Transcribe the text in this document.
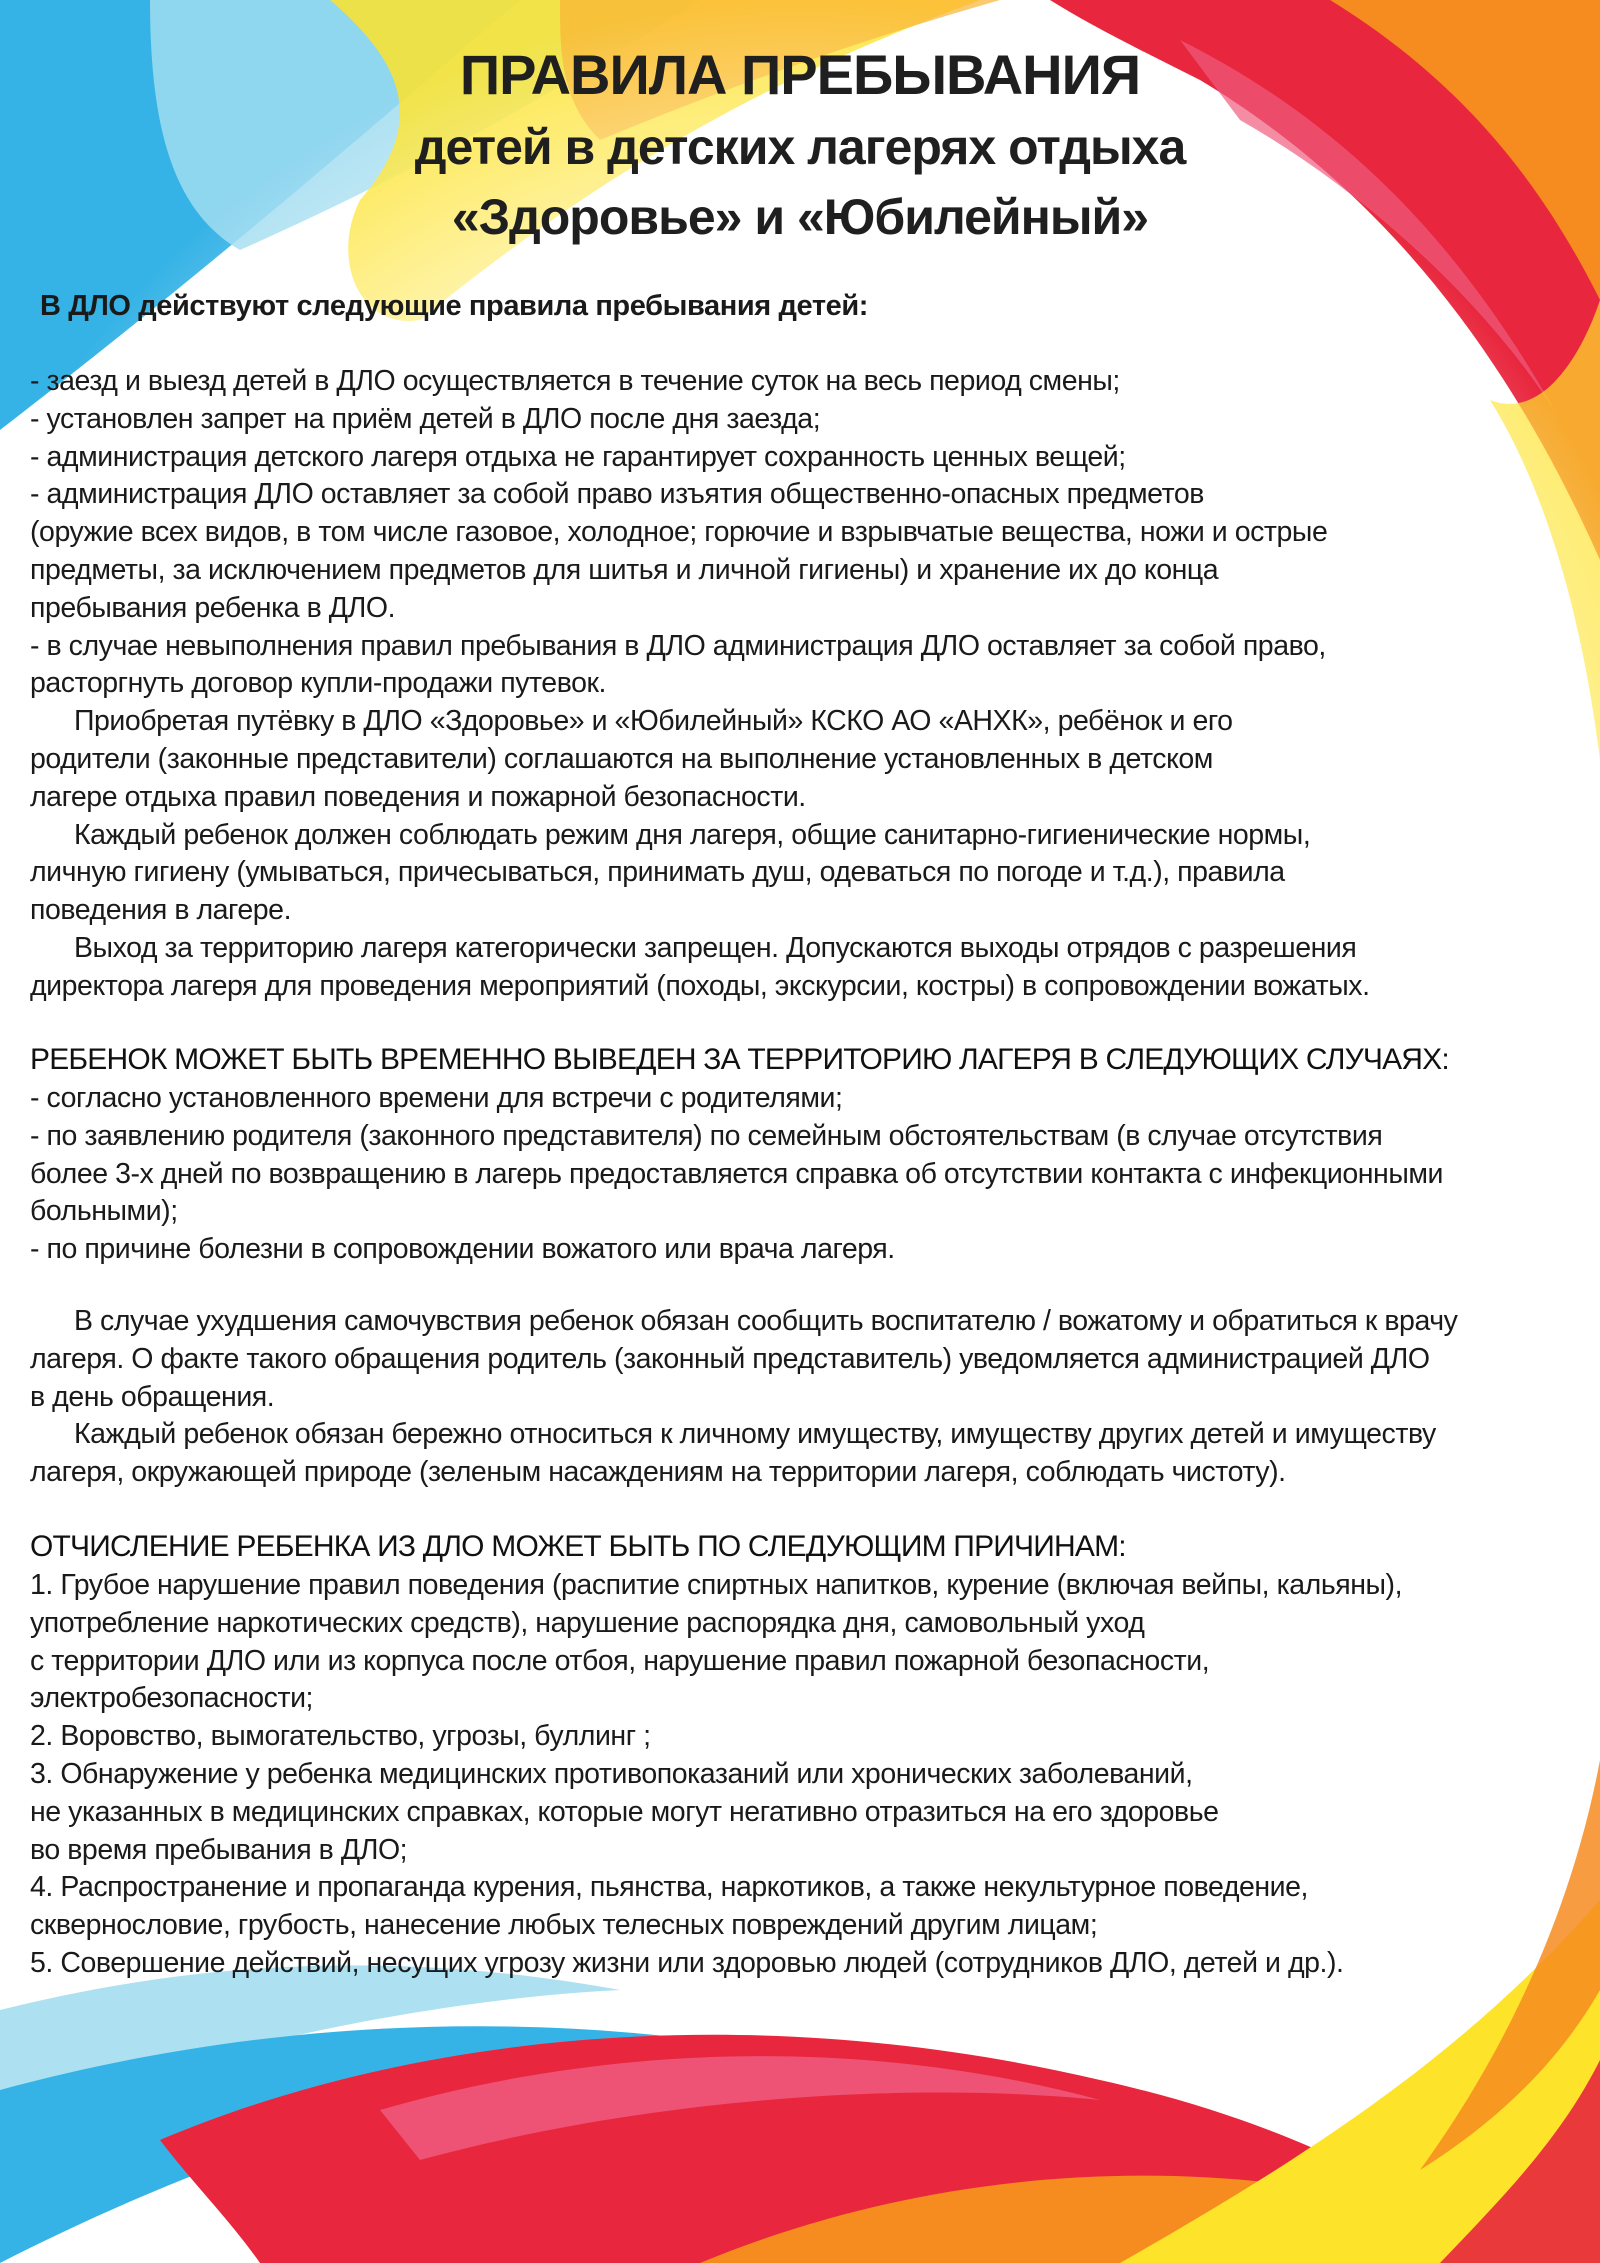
ПРАВИЛА ПРЕБЫВАНИЯ
детей в детских лагерях отдыха
«Здоровье» и «Юбилейный»
В ДЛО действуют следующие правила пребывания детей:
- заезд и выезд детей в ДЛО осуществляется в течение суток на весь период смены;
- установлен запрет на приём детей в ДЛО после дня заезда;
- администрация детского лагеря отдыха не гарантирует сохранность ценных вещей;
- администрация ДЛО оставляет за собой право изъятия общественно-опасных предметов
(оружие всех видов, в том числе газовое, холодное; горючие и взрывчатые вещества, ножи и острые
предметы, за исключением предметов для шитья и личной гигиены) и хранение их до конца
пребывания ребенка в ДЛО.
- в случае невыполнения правил пребывания в ДЛО администрация ДЛО оставляет за собой право,
расторгнуть договор купли-продажи путевок.
Приобретая путёвку в ДЛО «Здоровье» и «Юбилейный» КСКО АО «АНХК», ребёнок и его
родители (законные представители) соглашаются на выполнение установленных в детском
лагере отдыха правил поведения и пожарной безопасности.
Каждый ребенок должен соблюдать режим дня лагеря, общие санитарно-гигиенические нормы,
личную гигиену (умываться, причесываться, принимать душ, одеваться по погоде и т.д.), правила
поведения в лагере.
Выход за территорию лагеря категорически запрещен. Допускаются выходы отрядов с разрешения
директора лагеря для проведения мероприятий (походы, экскурсии, костры) в сопровождении вожатых.
РЕБЕНОК МОЖЕТ БЫТЬ ВРЕМЕННО ВЫВЕДЕН ЗА ТЕРРИТОРИЮ ЛАГЕРЯ В СЛЕДУЮЩИХ СЛУЧАЯХ:
- согласно установленного времени для встречи с родителями;
- по заявлению родителя (законного представителя) по семейным обстоятельствам (в случае отсутствия
более 3-х дней по возвращению в лагерь предоставляется справка об отсутствии контакта с инфекционными
больными);
- по причине болезни в сопровождении вожатого или врача лагеря.
В случае ухудшения самочувствия ребенок обязан сообщить воспитателю / вожатому и обратиться к врачу
лагеря. О факте такого обращения родитель (законный представитель) уведомляется администрацией ДЛО
в день обращения.
Каждый ребенок обязан бережно относиться к личному имуществу, имуществу других детей и имуществу
лагеря, окружающей природе (зеленым насаждениям на территории лагеря, соблюдать чистоту).
ОТЧИСЛЕНИЕ РЕБЕНКА ИЗ ДЛО МОЖЕТ БЫТЬ ПО СЛЕДУЮЩИМ ПРИЧИНАМ:
1. Грубое нарушение правил поведения (распитие спиртных напитков, курение (включая вейпы, кальяны),
употребление наркотических средств), нарушение распорядка дня, самовольный уход
с территории ДЛО или из корпуса после отбоя, нарушение правил пожарной безопасности,
электробезопасности;
2. Воровство, вымогательство, угрозы, буллинг ;
3. Обнаружение у ребенка медицинских противопоказаний или хронических заболеваний,
не указанных в медицинских справках, которые могут негативно отразиться на его здоровье
во время пребывания в ДЛО;
4. Распространение и пропаганда курения, пьянства, наркотиков, а также некультурное поведение,
сквернословие, грубость, нанесение любых телесных повреждений другим лицам;
5. Совершение действий, несущих угрозу жизни или здоровью людей (сотрудников ДЛО, детей и др.).
